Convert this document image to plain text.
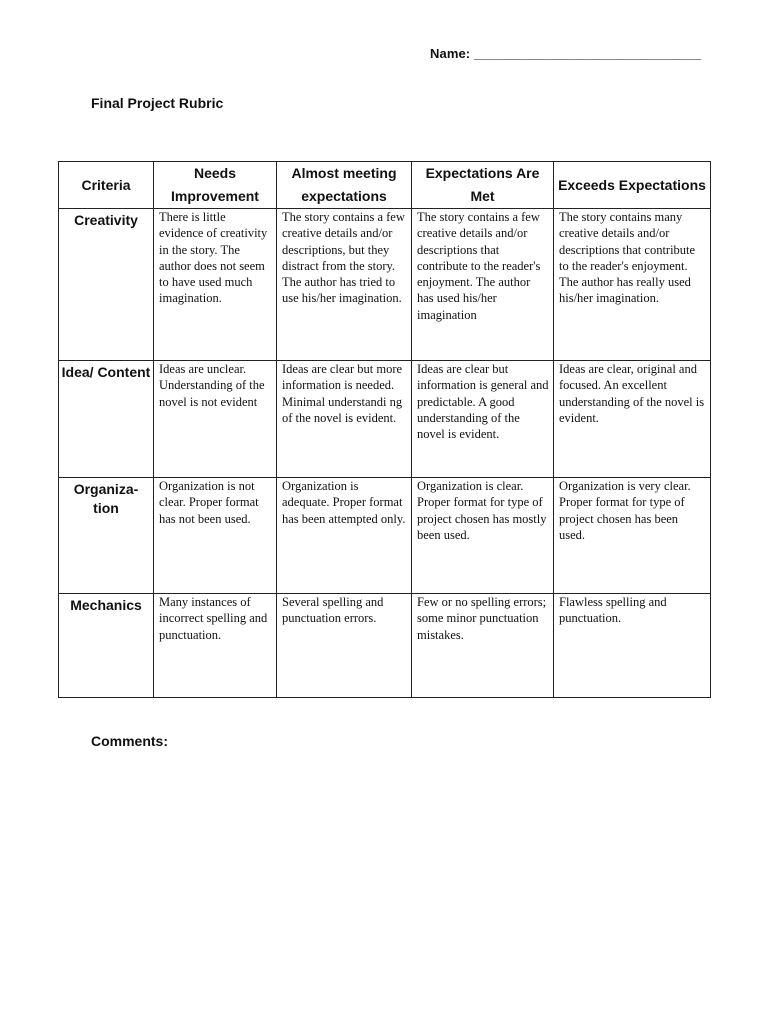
Name: _______________________________
Final Project Rubric
Criteria	Needs Improvement	Almost meeting expectations	Expectations Are Met	Exceeds Expectations
Creativity	There is little evidence of creativity in the story. The author does not seem to have used much imagination.	The story contains a few creative details and/or descriptions, but they distract from the story. The author has tried to use his/her imagination.	The story contains a few creative details and/or descriptions that contribute to the reader's enjoyment. The author has used his/her imagination	The story contains many creative details and/or descriptions that contribute to the reader's enjoyment. The author has really used his/her imagination.
Idea/ Content	Ideas are unclear. Understanding of the novel is not evident	Ideas are clear but more information is needed. Minimal understandi ng of the novel is evident.	Ideas are clear but information is general and predictable. A good understanding of the novel is evident.	Ideas are clear, original and focused. An excellent understanding of the novel is evident.
Organiza- tion	Organization is not clear. Proper format has not been used.	Organization is adequate. Proper format has been attempted only.	Organization is clear. Proper format for type of project chosen has mostly been used.	Organization is very clear. Proper format for type of project chosen has been used.
Mechanics	Many instances of incorrect spelling and punctuation.	Several spelling and punctuation errors.	Few or no spelling errors; some minor punctuation mistakes.	Flawless spelling and punctuation.
Comments:
